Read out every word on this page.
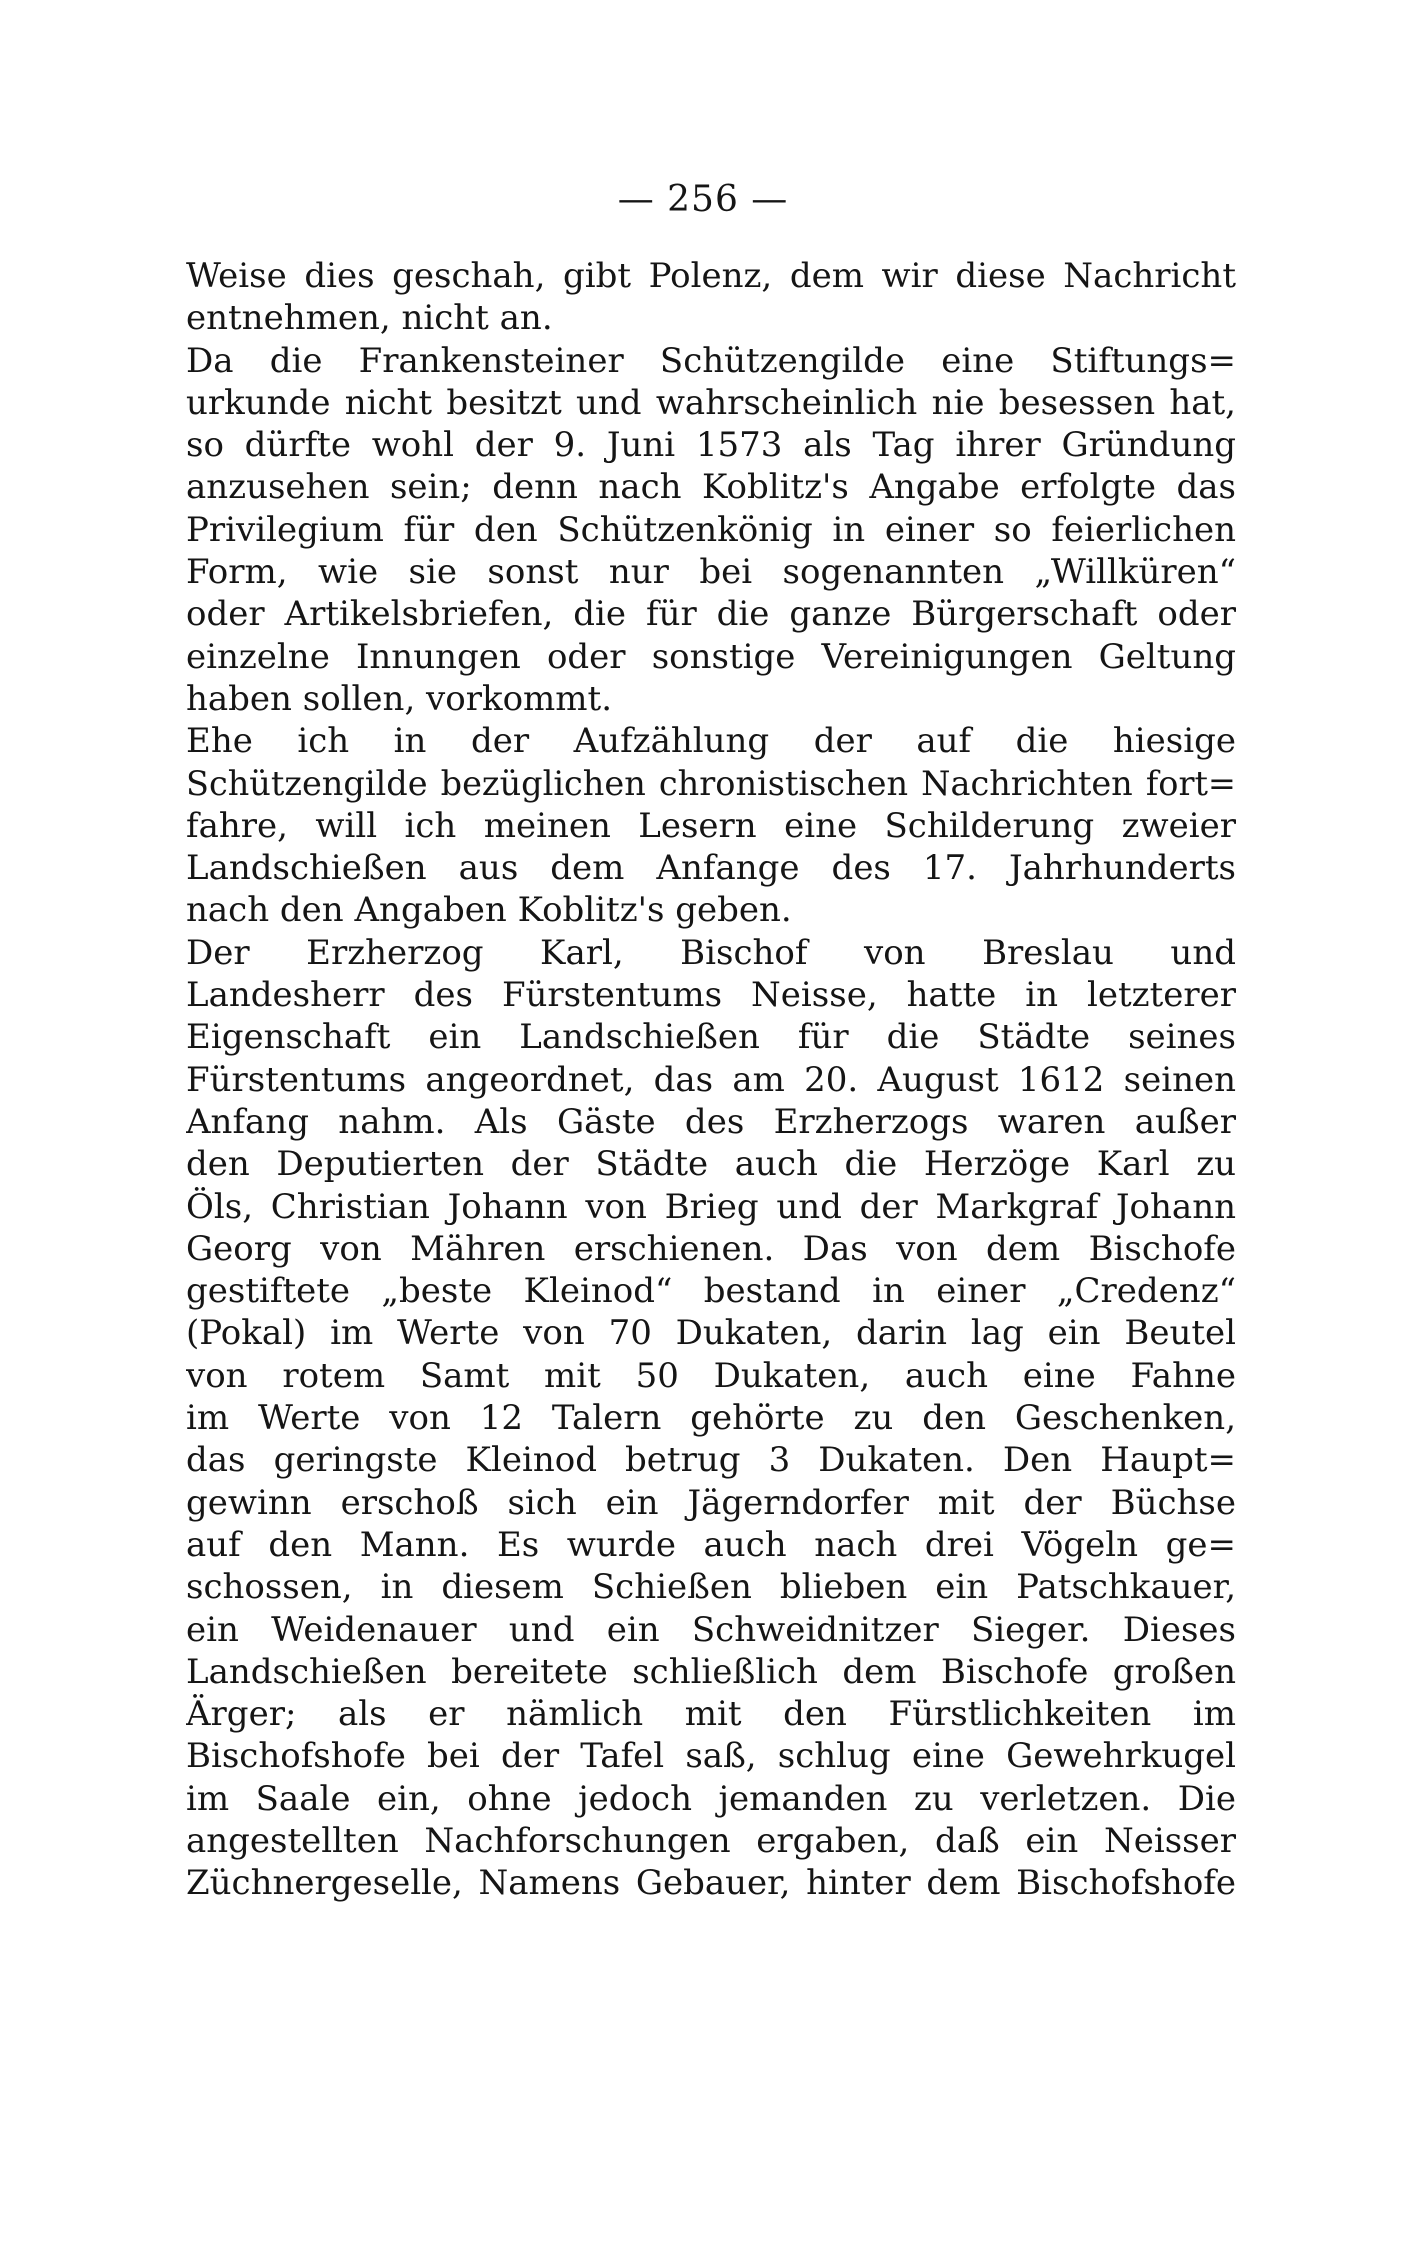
— 256 —
Weise dies geschah, gibt Polenz, dem wir diese Nachricht
entnehmen, nicht an.
Da die Frankensteiner Schützengilde eine Stiftungs=
urkunde nicht besitzt und wahrscheinlich nie besessen hat,
so dürfte wohl der 9. Juni 1573 als Tag ihrer Gründung
anzusehen sein; denn nach Koblitz's Angabe erfolgte das
Privilegium für den Schützenkönig in einer so feierlichen
Form, wie sie sonst nur bei sogenannten „Willküren“
oder Artikelsbriefen, die für die ganze Bürgerschaft oder
einzelne Innungen oder sonstige Vereinigungen Geltung
haben sollen, vorkommt.
Ehe ich in der Aufzählung der auf die hiesige
Schützengilde bezüglichen chronistischen Nachrichten fort=
fahre, will ich meinen Lesern eine Schilderung zweier
Landschießen aus dem Anfange des 17. Jahrhunderts
nach den Angaben Koblitz's geben.
Der Erzherzog Karl, Bischof von Breslau und
Landesherr des Fürstentums Neisse, hatte in letzterer
Eigenschaft ein Landschießen für die Städte seines
Fürstentums angeordnet, das am 20. August 1612 seinen
Anfang nahm. Als Gäste des Erzherzogs waren außer
den Deputierten der Städte auch die Herzöge Karl zu
Öls, Christian Johann von Brieg und der Markgraf Johann
Georg von Mähren erschienen. Das von dem Bischofe
gestiftete „beste Kleinod“ bestand in einer „Credenz“
(Pokal) im Werte von 70 Dukaten, darin lag ein Beutel
von rotem Samt mit 50 Dukaten, auch eine Fahne
im Werte von 12 Talern gehörte zu den Geschenken,
das geringste Kleinod betrug 3 Dukaten. Den Haupt=
gewinn erschoß sich ein Jägerndorfer mit der Büchse
auf den Mann. Es wurde auch nach drei Vögeln ge=
schossen, in diesem Schießen blieben ein Patschkauer,
ein Weidenauer und ein Schweidnitzer Sieger. Dieses
Landschießen bereitete schließlich dem Bischofe großen
Ärger; als er nämlich mit den Fürstlichkeiten im
Bischofshofe bei der Tafel saß, schlug eine Gewehrkugel
im Saale ein, ohne jedoch jemanden zu verletzen. Die
angestellten Nachforschungen ergaben, daß ein Neisser
Züchnergeselle, Namens Gebauer, hinter dem Bischofshofe
